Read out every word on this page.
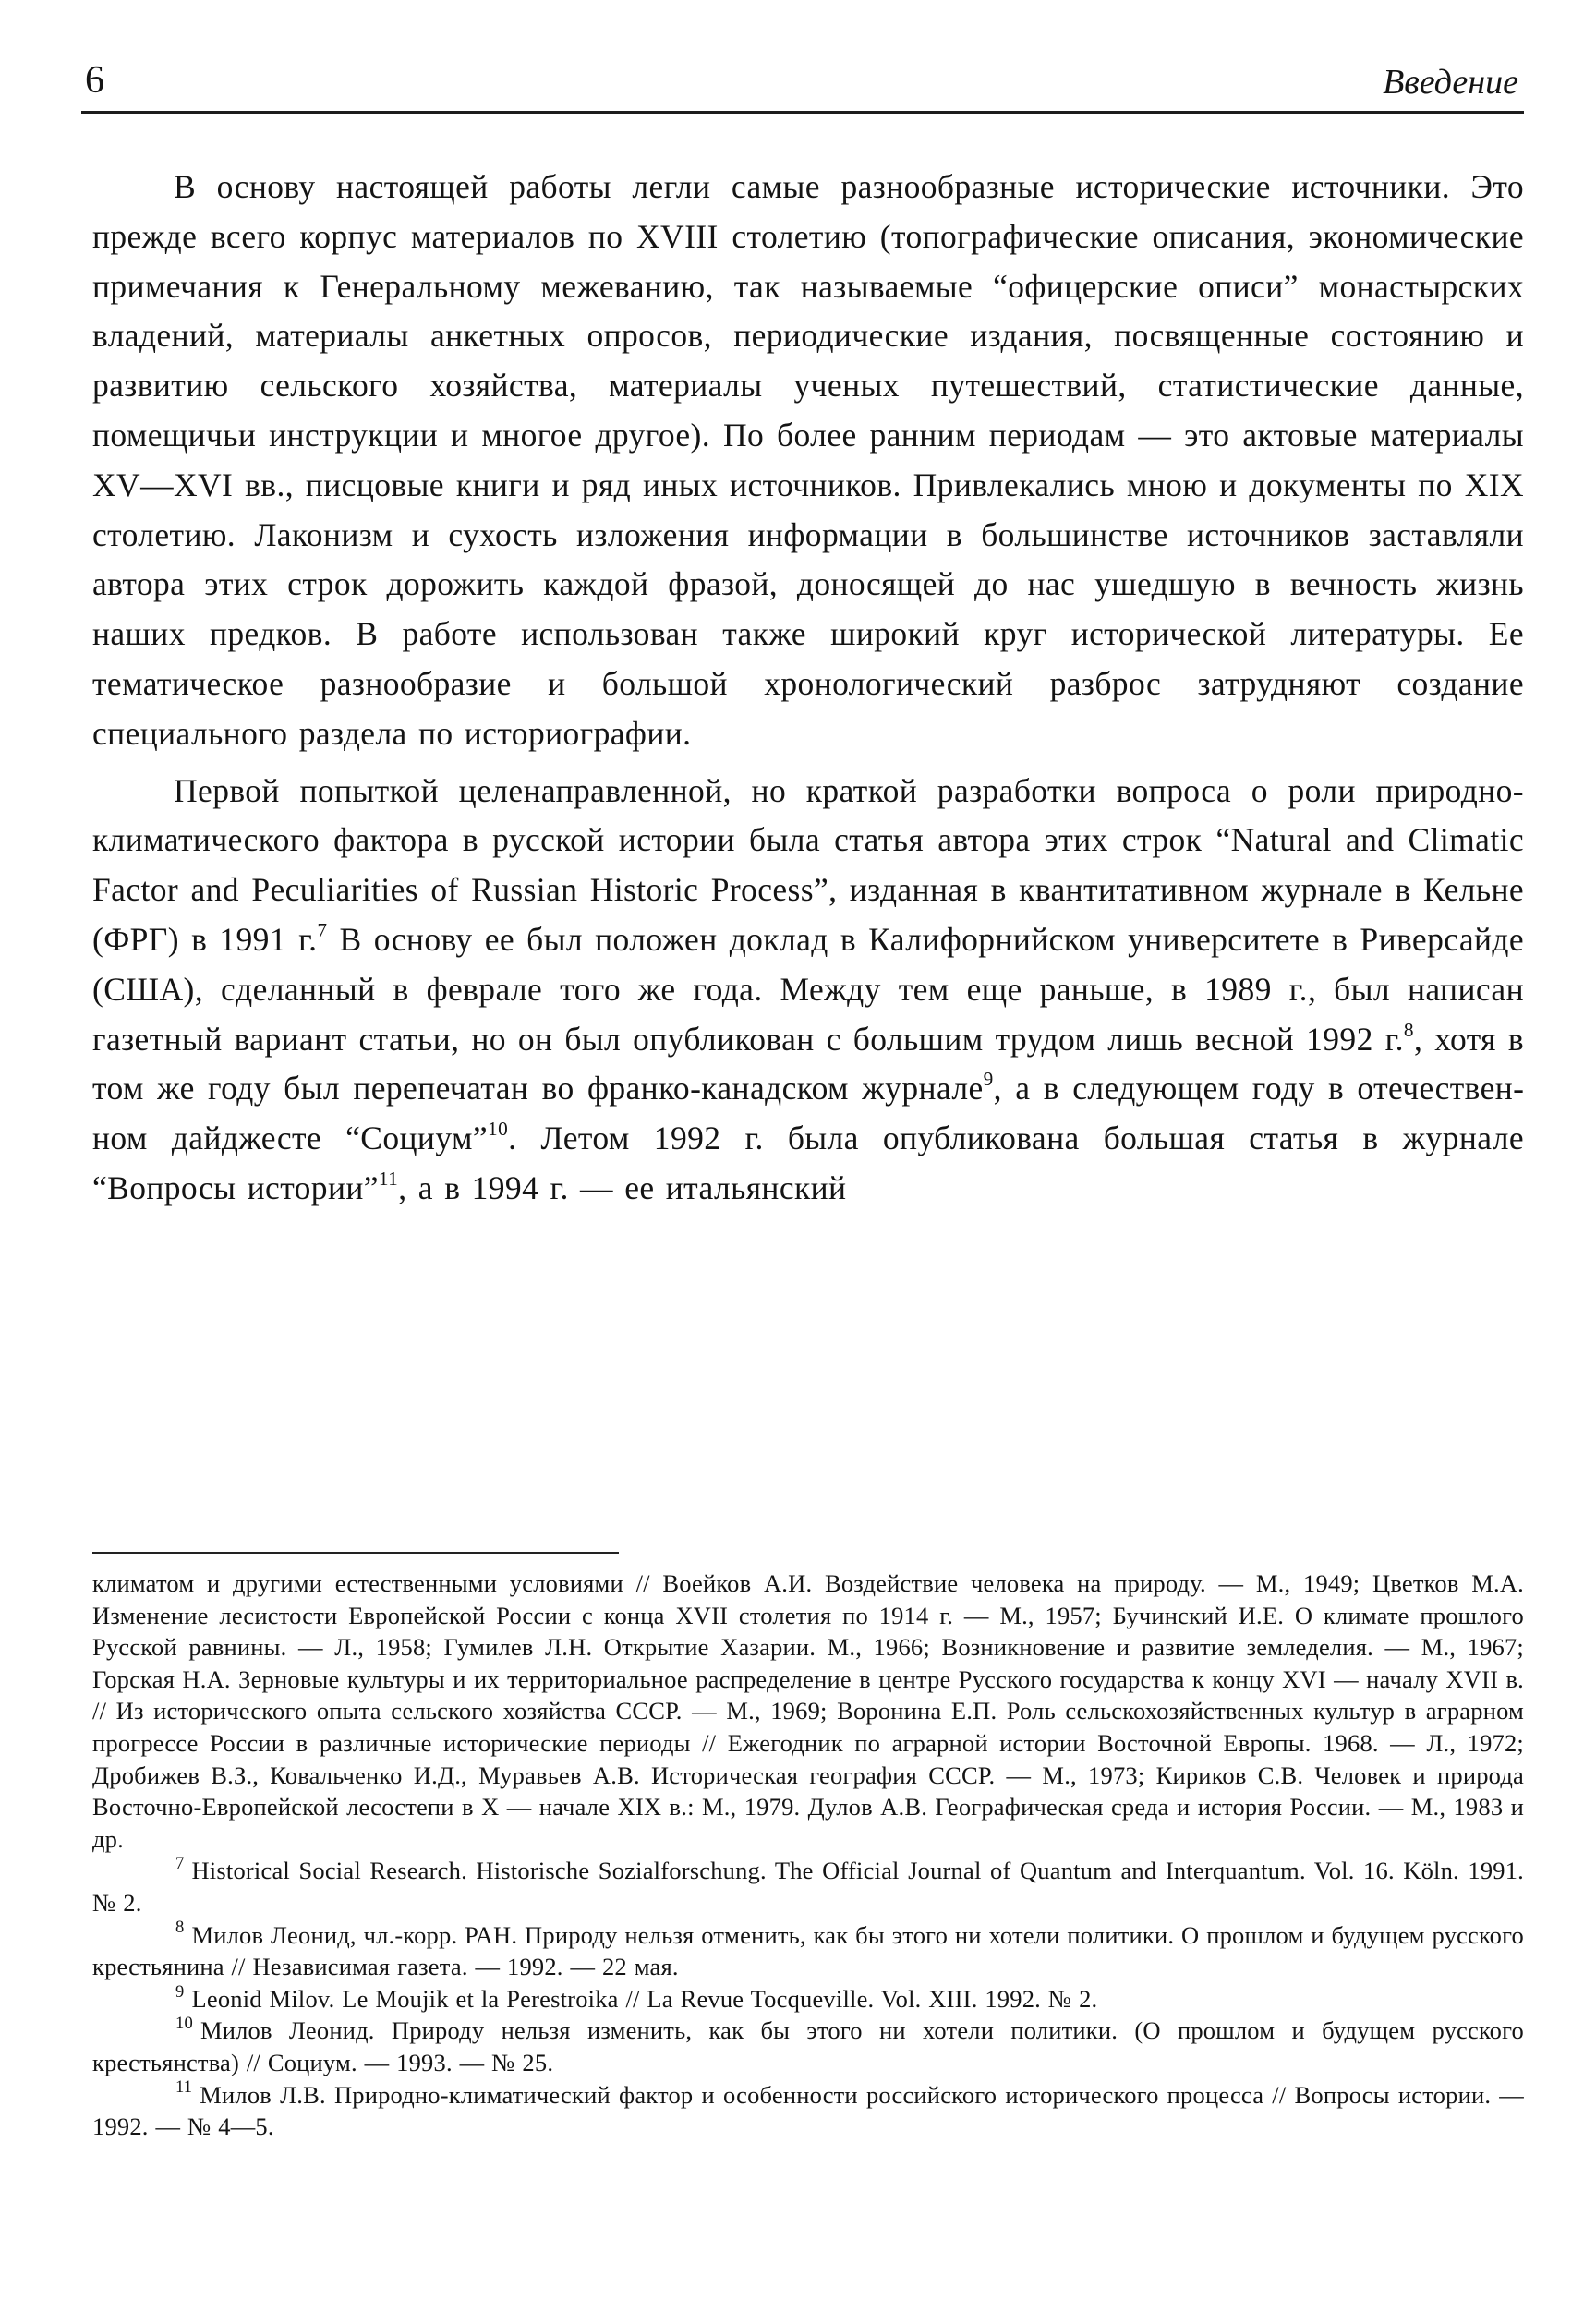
6	Введение

В основу настоящей работы легли самые разнообразные исторические источники. Это прежде всего корпус материалов по XVIII столетию (топографические описания, экономические примечания к Генеральному межеванию, так называемые “офицерские описи” монастырских владений, материалы анкетных опросов, периодические издания, посвященные состоянию и развитию сельского хозяйства, материалы ученых путешествий, статистические данные, помещичьи инструкции и многое другое). По более ранним периодам — это актовые материалы XV—XVI вв., писцовые книги и ряд иных источников. Привлекались мною и документы по XIX столетию. Лаконизм и сухость изложения информации в большинстве источников заставляли автора этих строк дорожить каждой фразой, доносящей до нас ушедшую в вечность жизнь наших предков. В работе использован также широкий круг исторической литературы. Ее тематическое разнообразие и большой хронологический разброс затрудняют создание специального раздела по историографии.

Первой попыткой целенаправленной, но краткой разработки вопроса о роли природно-климатического фактора в русской истории была статья автора этих строк “Natural and Climatic Factor and Peculiarities of Russian Historic Process”, изданная в квантитативном журнале в Кельне (ФРГ) в 1991 г.$^7$ В основу ее был положен доклад в Калифорнийском университете в Риверсайде (США), сделанный в феврале того же года. Между тем еще раньше, в 1989 г., был написан газетный вариант статьи, но он был опубликован с большим трудом лишь весной 1992 г.$^8$, хотя в том же году был перепечатан во франко-канадском журнале$^9$, а в следующем году в отечественном дайджесте “Социум”$^{10}$. Летом 1992 г. была опубликована большая статья в журнале “Вопросы истории”$^{11}$, а в 1994 г. — ее итальянский

климатом и другими естественными условиями // Воейков А.И. Воздействие человека на природу. — М., 1949; Цветков М.А. Изменение лесистости Европейской России с конца XVII столетия по 1914 г. — М., 1957; Бучинский И.Е. О климате прошлого Русской равнины. — Л., 1958; Гумилев Л.Н. Открытие Хазарии. М., 1966; Возникновение и развитие земледелия. — М., 1967; Горская Н.А. Зерновые культуры и их территориальное распределение в центре Русского государства к концу XVI — началу XVII в. // Из исторического опыта сельского хозяйства СССР. — М., 1969; Воронина Е.П. Роль сельскохозяйственных культур в аграрном прогрессе России в различные исторические периоды // Ежегодник по аграрной истории Восточной Европы. 1968. — Л., 1972; Дробижев В.З., Ковальченко И.Д., Муравьев А.В. Историческая география СССР. — М., 1973; Кириков С.В. Человек и природа Восточно-Европейской лесостепи в X — начале XIX в.: М., 1979. Дулов А.В. Географическая среда и история России. — М., 1983 и др.

$^7$ Historical Social Research. Historische Sozialforschung. The Official Journal of Quantum and Interquantum. Vol. 16. Köln. 1991. № 2.

$^8$ Милов Леонид, чл.-корр. РАН. Природу нельзя отменить, как бы этого ни хотели политики. О прошлом и будущем русского крестьянина // Независимая газета. — 1992. — 22 мая.

$^9$ Leonid Milov. Le Moujik et la Perestroika // La Revue Tocqueville. Vol. XIII. 1992. № 2.

$^{10}$ Милов Леонид. Природу нельзя изменить, как бы этого ни хотели политики. (О прошлом и будущем русского крестьянства) // Социум. — 1993. — № 25.

$^{11}$ Милов Л.В. Природно-климатический фактор и особенности российского исторического процесса // Вопросы истории. — 1992. — № 4—5.
